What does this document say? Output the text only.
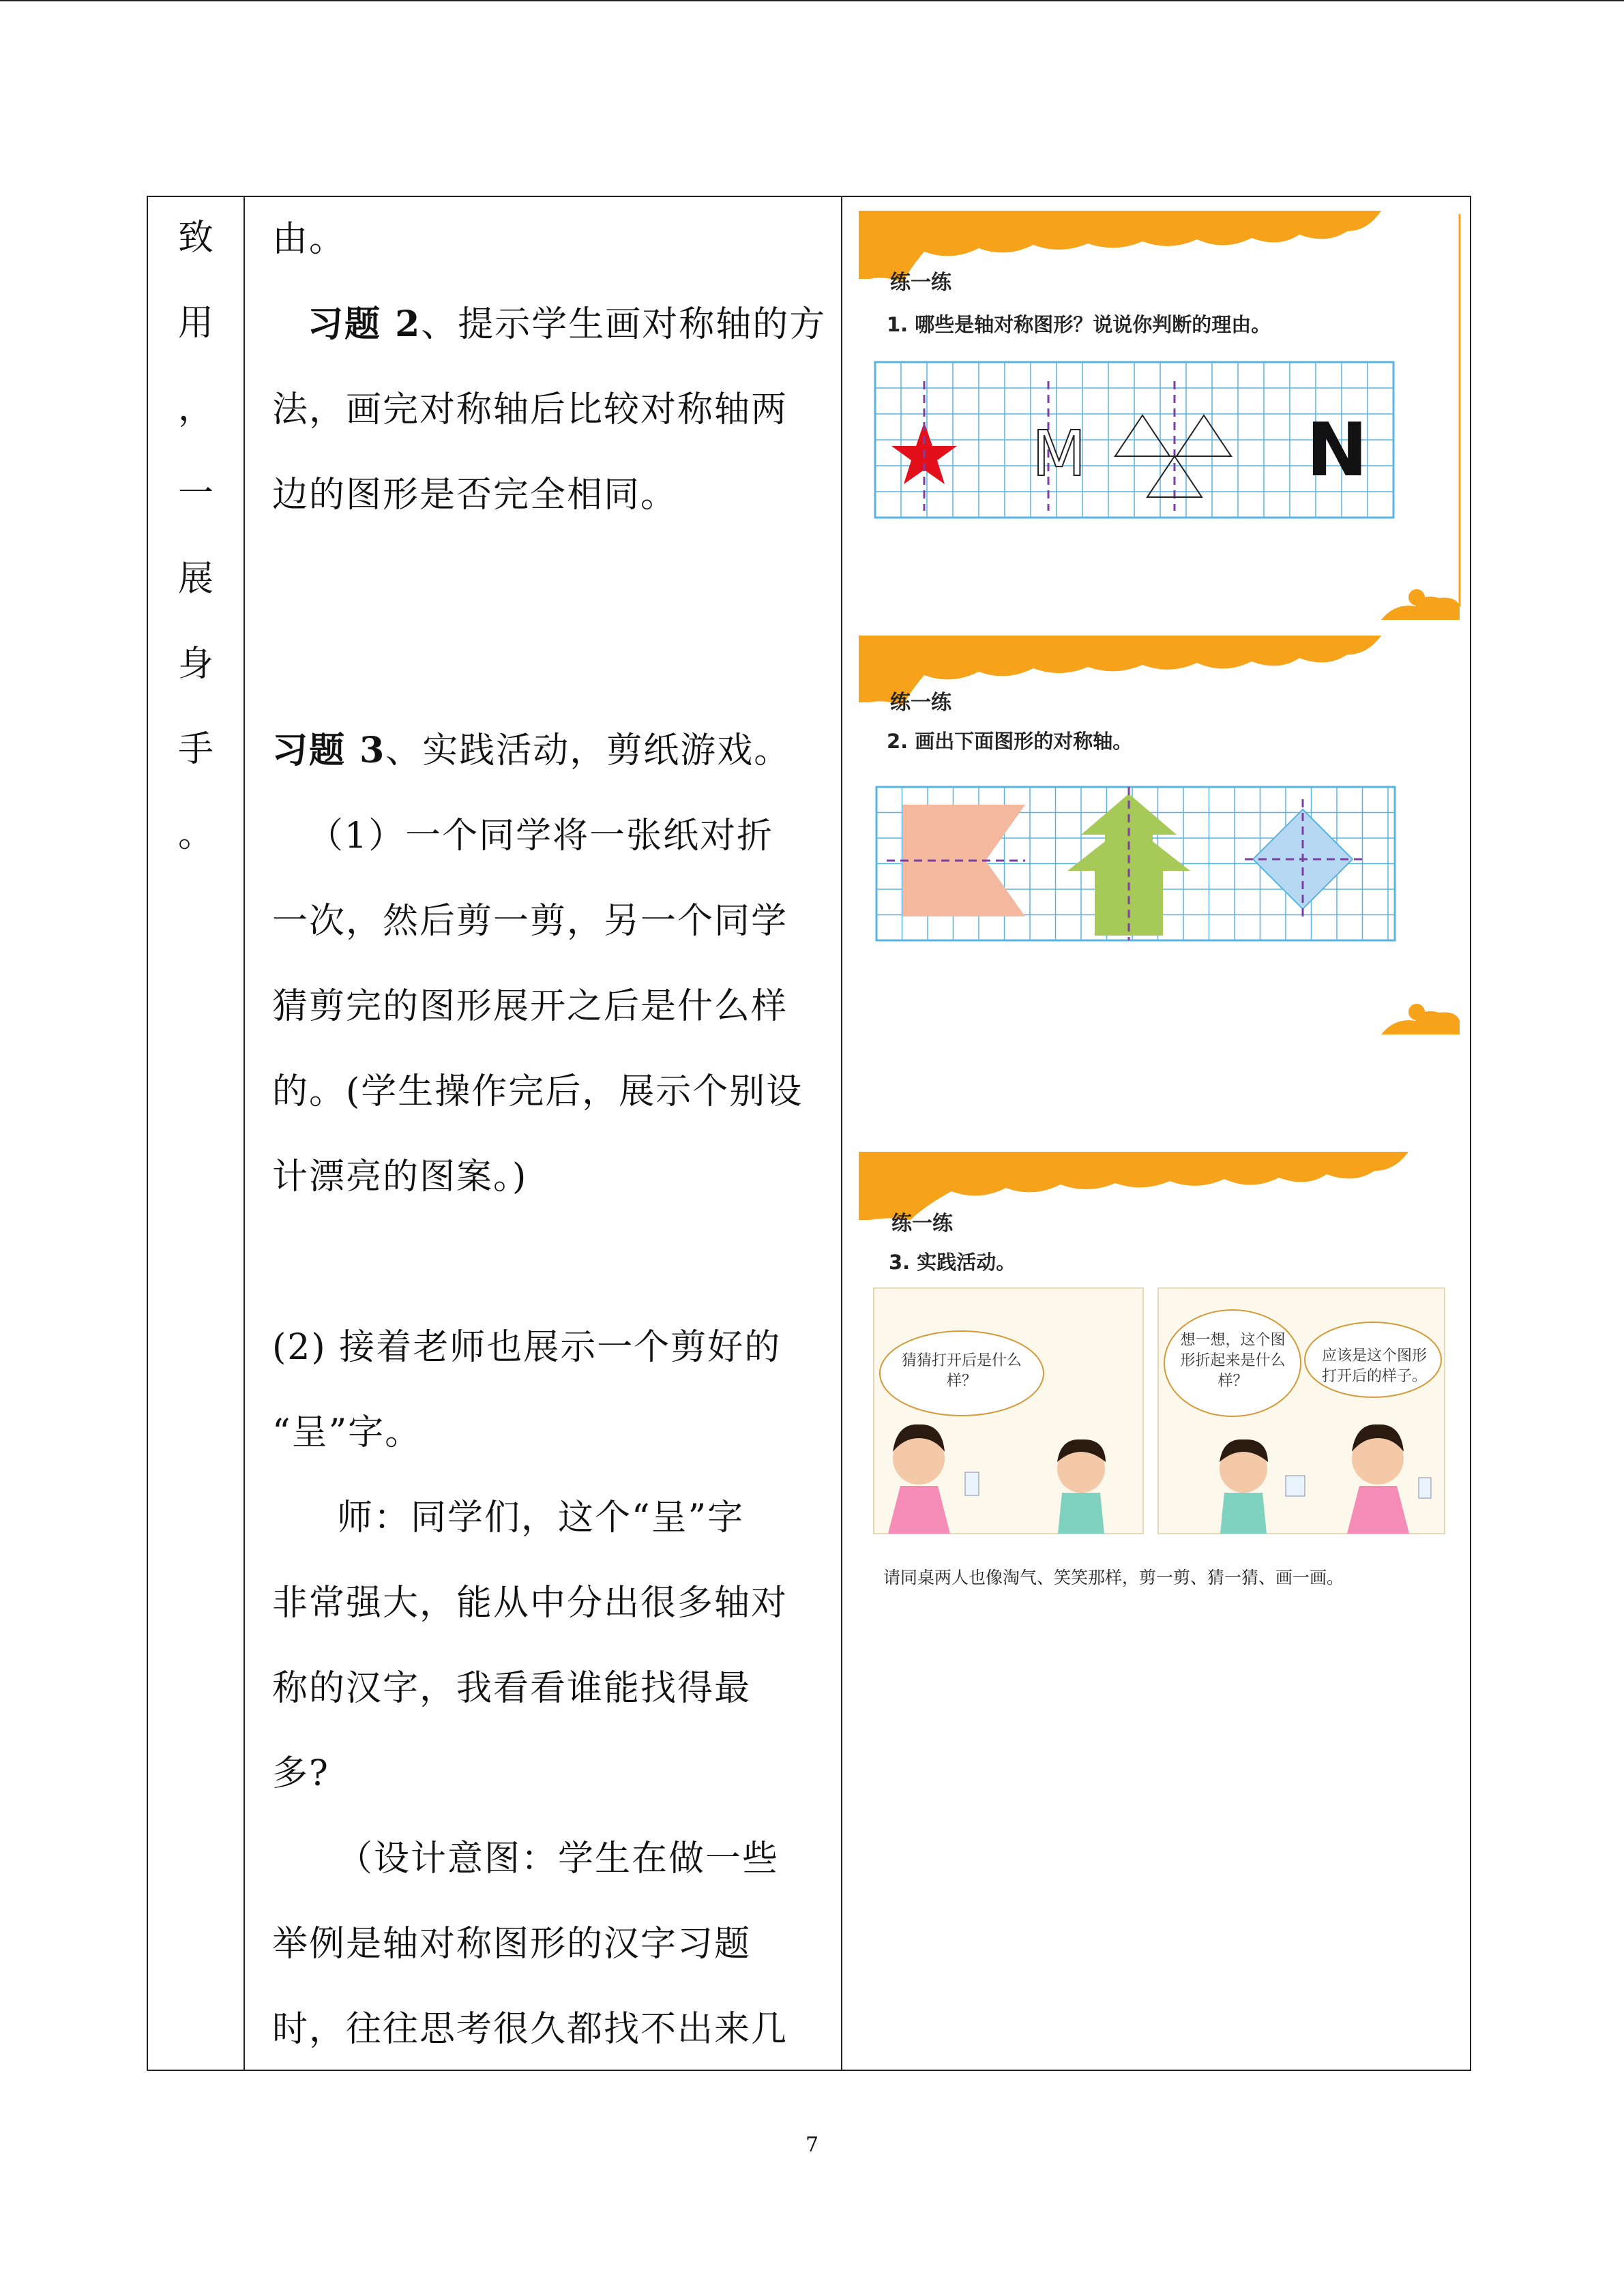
致
用
，
一
展
身
手
。
由。
习题 2、提示学生画对称轴的方
法，画完对称轴后比较对称轴两
边的图形是否完全相同。
习题 3、实践活动，剪纸游戏。
（1）一个同学将一张纸对折
一次，然后剪一剪，另一个同学
猜剪完的图形展开之后是什么样
的。(学生操作完后，展示个别设
计漂亮的图案。)
(2) 接着老师也展示一个剪好的
“呈”字。
师：同学们，这个“呈”字
非常强大，能从中分出很多轴对
称的汉字，我看看谁能找得最
多?
（设计意图：学生在做一些
举例是轴对称图形的汉字习题
时，往往思考很久都找不出来几
练一练
1. 哪些是轴对称图形？说说你判断的理由。
M	N
练一练
2. 画出下面图形的对称轴。
练一练
3. 实践活动。
猜猜打开后是什么样？
想一想，这个图形折起来是什么样？
应该是这个图形打开后的样子。
请同桌两人也像淘气、笑笑那样，剪一剪、猜一猜、画一画。
7
